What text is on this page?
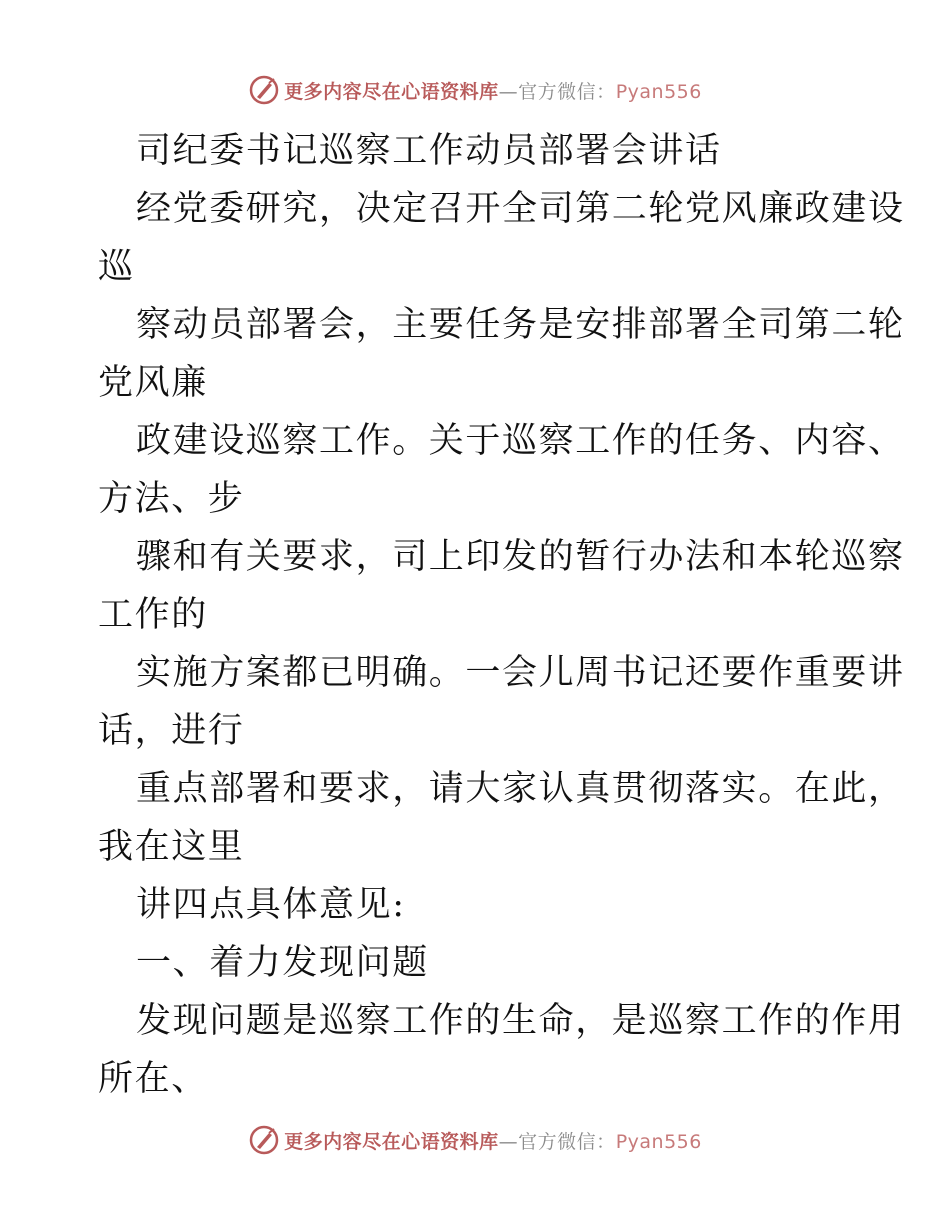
更多内容尽在心语资料库—官方微信：Pyan556
司纪委书记巡察工作动员部署会讲话
经党委研究，决定召开全司第二轮党风廉政建设
巡
察动员部署会，主要任务是安排部署全司第二轮
党风廉
政建设巡察工作。关于巡察工作的任务、内容、
方法、步
骤和有关要求，司上印发的暂行办法和本轮巡察
工作的
实施方案都已明确。一会儿周书记还要作重要讲
话，进行
重点部署和要求，请大家认真贯彻落实。在此，
我在这里
讲四点具体意见:
一、着力发现问题
发现问题是巡察工作的生命，是巡察工作的作用
所在、
更多内容尽在心语资料库—官方微信：Pyan556
